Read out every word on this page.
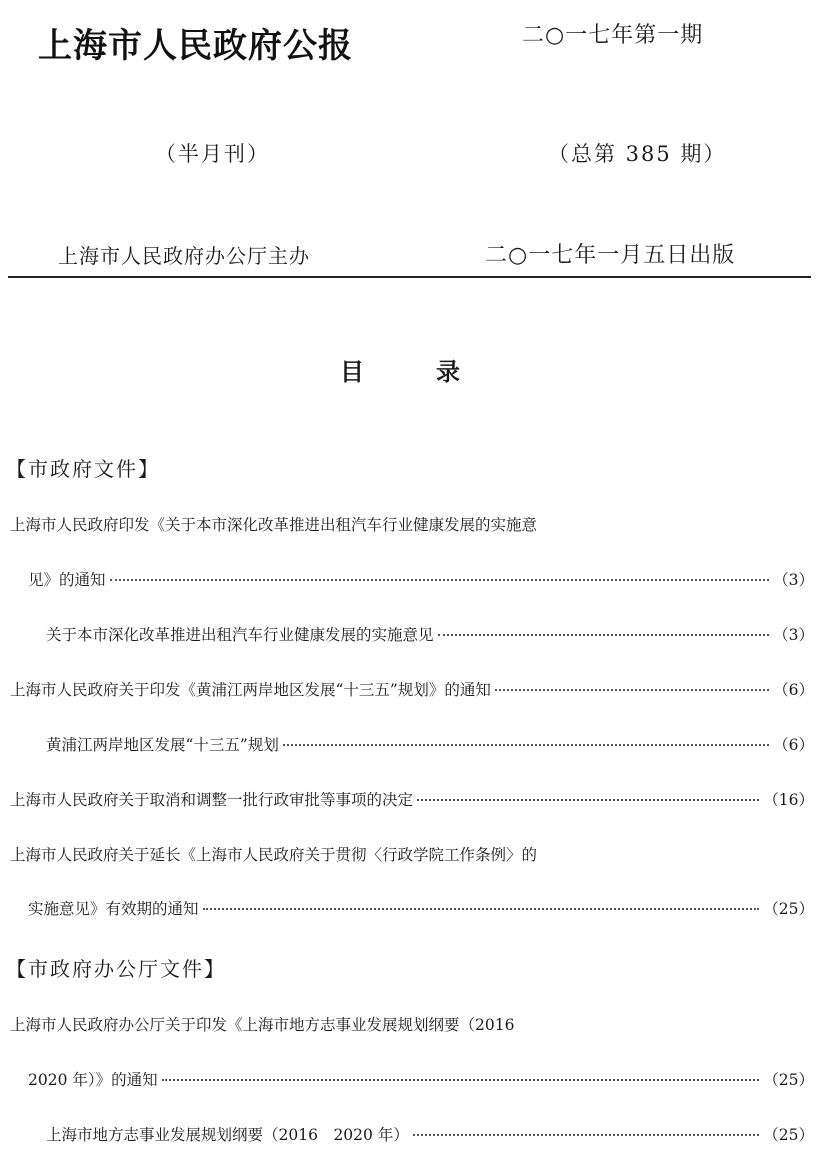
上海市人民政府公报	二○一七年第一期
（半月刊）	（总第 385 期）
上海市人民政府办公厅主办	二○一七年一月五日出版
目	录
【市政府文件】
上海市人民政府印发《关于本市深化改革推进出租汽车行业健康发展的实施意
见》的通知	（3）
关于本市深化改革推进出租汽车行业健康发展的实施意见	（3）
上海市人民政府关于印发《黄浦江两岸地区发展“十三五”规划》的通知	（6）
黄浦江两岸地区发展“十三五”规划	（6）
上海市人民政府关于取消和调整一批行政审批等事项的决定	（16）
上海市人民政府关于延长《上海市人民政府关于贯彻〈行政学院工作条例〉的
实施意见》有效期的通知	（25）
【市政府办公厅文件】
上海市人民政府办公厅关于印发《上海市地方志事业发展规划纲要（2016
2020 年）》的通知	（25）
上海市地方志事业发展规划纲要（2016　2020 年）	（25）
